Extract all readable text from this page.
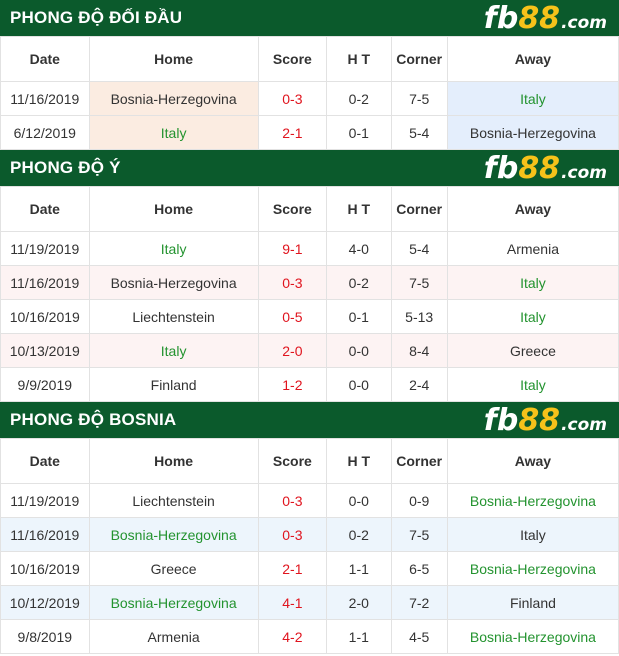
PHONG ĐỘ ĐỐI ĐẦU	fb 88 .com
Date	Home	Score	H T	Corner	Away
11/16/2019	Bosnia-Herzegovina	0-3	0-2	7-5	Italy
6/12/2019	Italy	2-1	0-1	5-4	Bosnia-Herzegovina
PHONG ĐỘ Ý	fb 88 .com
Date	Home	Score	H T	Corner	Away
11/19/2019	Italy	9-1	4-0	5-4	Armenia
11/16/2019	Bosnia-Herzegovina	0-3	0-2	7-5	Italy
10/16/2019	Liechtenstein	0-5	0-1	5-13	Italy
10/13/2019	Italy	2-0	0-0	8-4	Greece
9/9/2019	Finland	1-2	0-0	2-4	Italy
PHONG ĐỘ BOSNIA	fb 88 .com
Date	Home	Score	H T	Corner	Away
11/19/2019	Liechtenstein	0-3	0-0	0-9	Bosnia-Herzegovina
11/16/2019	Bosnia-Herzegovina	0-3	0-2	7-5	Italy
10/16/2019	Greece	2-1	1-1	6-5	Bosnia-Herzegovina
10/12/2019	Bosnia-Herzegovina	4-1	2-0	7-2	Finland
9/8/2019	Armenia	4-2	1-1	4-5	Bosnia-Herzegovina
